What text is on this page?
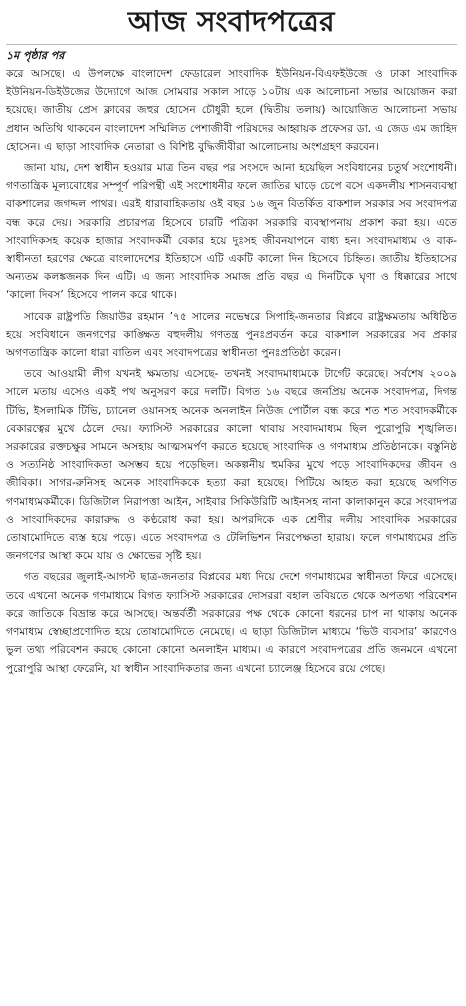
আজ সংবাদপত্রের
১ম পৃষ্ঠার পর

করে আসছে। এ উপলক্ষে বাংলাদেশ ফেডারেল সাংবাদিক ইউনিয়ন-বিএফইউজে ও ঢাকা সাংবাদিক ইউনিয়ন-ডিইউজের উদ্যোগে আজ সোমবার সকাল সাড়ে ১০টায় এক আলোচনা সভার আয়োজন করা হয়েছে। জাতীয় প্রেস ক্লাবের জহুর হোসেন চৌধুরী হলে (দ্বিতীয় তলায়) আয়োজিত আলোচনা সভায় প্রধান অতিথি থাকবেন বাংলাদেশ সম্মিলিত পেশাজীবী পরিষদের আহ্বায়ক প্রফেসর ডা. এ জেড এম জাহিদ হোসেন। এ ছাড়া সাংবাদিক নেতারা ও বিশিষ্ট বুদ্ধিজীবীরা আলোচনায় অংশগ্রহণ করবেন।

জানা যায়, দেশ স্বাধীন হওয়ার মাত্র তিন বছর পর সংসদে আনা হয়েছিল সংবিধানের চতুর্থ সংশোধনী। গণতান্ত্রিক মূল্যবোধের সম্পূর্ণ পরিপন্থী এই সংশোধনীর ফলে জাতির ঘাড়ে চেপে বসে একদলীয় শাসনব্যবস্থা বাকশালের জগদ্দল পাথর। এরই ধারাবাহিকতায় ওই বছর ১৬ জুন বিতর্কিত বাকশাল সরকার সব সংবাদপত্র বন্ধ করে দেয়। সরকারি প্রচারপত্র হিসেবে চারটি পত্রিকা সরকারি ব্যবস্থাপনায় প্রকাশ করা হয়। এতে সাংবাদিকসহ কয়েক হাজার সংবাদকর্মী বেকার হয়ে দুঃসহ জীবনযাপনে বাধ্য হন। সংবাদমাধ্যম ও বাক-স্বাধীনতা হরণের ক্ষেত্রে বাংলাদেশের ইতিহাসে এটি একটি কালো দিন হিসেবে চিহ্নিত। জাতীয় ইতিহাসের অন্যতম কলঙ্কজনক দিন এটি। এ জন্য সাংবাদিক সমাজ প্রতি বছর এ দিনটিকে ঘৃণা ও ধিক্কারের সাথে ‘কালো দিবস’ হিসেবে পালন করে থাকে।

সাবেক রাষ্ট্রপতি জিয়াউর রহমান ’৭৫ সালের নভেম্বরে সিপাহি-জনতার বিপ্লবে রাষ্ট্রক্ষমতায় অধিষ্ঠিত হয়ে সংবিধানে জনগণের কাঙ্ক্ষিত বহুদলীয় গণতন্ত্র পুনঃপ্রবর্তন করে বাকশাল সরকারের সব প্রকার অগণতান্ত্রিক কালো ধারা বাতিল এবং সংবাদপত্রের স্বাধীনতা পুনঃপ্রতিষ্ঠা করেন।

তবে আওয়ামী লীগ যখনই ক্ষমতায় এসেছে- তখনই সংবাদমাধ্যমকে টার্গেট করেছে। সর্বশেষ ২০০৯ সালে মতায় এসেও একই পথ অনুসরণ করে দলটি। বিগত ১৬ বছরে জনপ্রিয় অনেক সংবাদপত্র, দিগন্ত টিভি, ইসলামিক টিভি, চ্যানেল ওয়ানসহ অনেক অনলাইন নিউজ পোর্টাল বন্ধ করে শত শত সংবাদকর্মীকে বেকারত্বের মুখে ঠেলে দেয়। ফ্যাসিস্ট সরকারের কালো থাবায় সংবাদমাধ্যম ছিল পুরোপুরি শৃঙ্খলিত। সরকারের রক্তচক্ষুর সামনে অসহায় আত্মসমর্পণ করতে হয়েছে সাংবাদিক ও গণমাধ্যম প্রতিষ্ঠানকে। বস্তুনিষ্ঠ ও সত্যনিষ্ঠ সাংবাদিকতা অসম্ভব হয়ে পড়েছিল। অকল্পনীয় হুমকির মুখে পড়ে সাংবাদিকদের জীবন ও জীবিকা। সাগর-রুনিসহ অনেক সাংবাদিককে হত্যা করা হয়েছে। পিটিয়ে আহত করা হয়েছে অগণিত গণমাধ্যমকর্মীকে। ডিজিটাল নিরাপত্তা আইন, সাইবার সিকিউরিটি আইনসহ নানা কালাকানুন করে সংবাদপত্র ও সাংবাদিকদের কারারুদ্ধ ও কণ্ঠরোধ করা হয়। অপরদিকে এক শ্রেণীর দলীয় সাংবাদিক সরকারের তোষামোদিতে ব্যস্ত হয়ে পড়ে। এতে সংবাদপত্র ও টেলিভিশন নিরপেক্ষতা হারায়। ফলে গণমাধ্যমের প্রতি জনগণের আস্থা কমে যায় ও ক্ষোভের সৃষ্টি হয়।

গত বছরের জুলাই-আগস্ট ছাত্র-জনতার বিপ্লবের মধ্য দিয়ে দেশে গণমাধ্যমের স্বাধীনতা ফিরে এসেছে। তবে এখনো অনেক গণমাধ্যমে বিগত ফ্যাসিস্ট সরকারের দোসররা বহাল তবিয়তে থেকে অপতথ্য পরিবেশন করে জাতিকে বিভ্রান্ত করে আসছে। অন্তর্বর্তী সরকারের পক্ষ থেকে কোনো ধরনের চাপ না থাকায় অনেক গণমাধ্যম স্বেচ্ছাপ্রণোদিত হয়ে তোষামোদিতে নেমেছে। এ ছাড়া ডিজিটাল মাধ্যমে ‘ভিউ ব্যবসার’ কারণেও ভুল তথ্য পরিবেশন করছে কোনো কোনো অনলাইন মাধ্যম। এ কারণে সংবাদপত্রের প্রতি জনমনে এখনো পুরোপুরি আস্থা ফেরেনি, যা স্বাধীন সাংবাদিকতার জন্য এখনো চ্যালেঞ্জ হিসেবে রয়ে গেছে।
